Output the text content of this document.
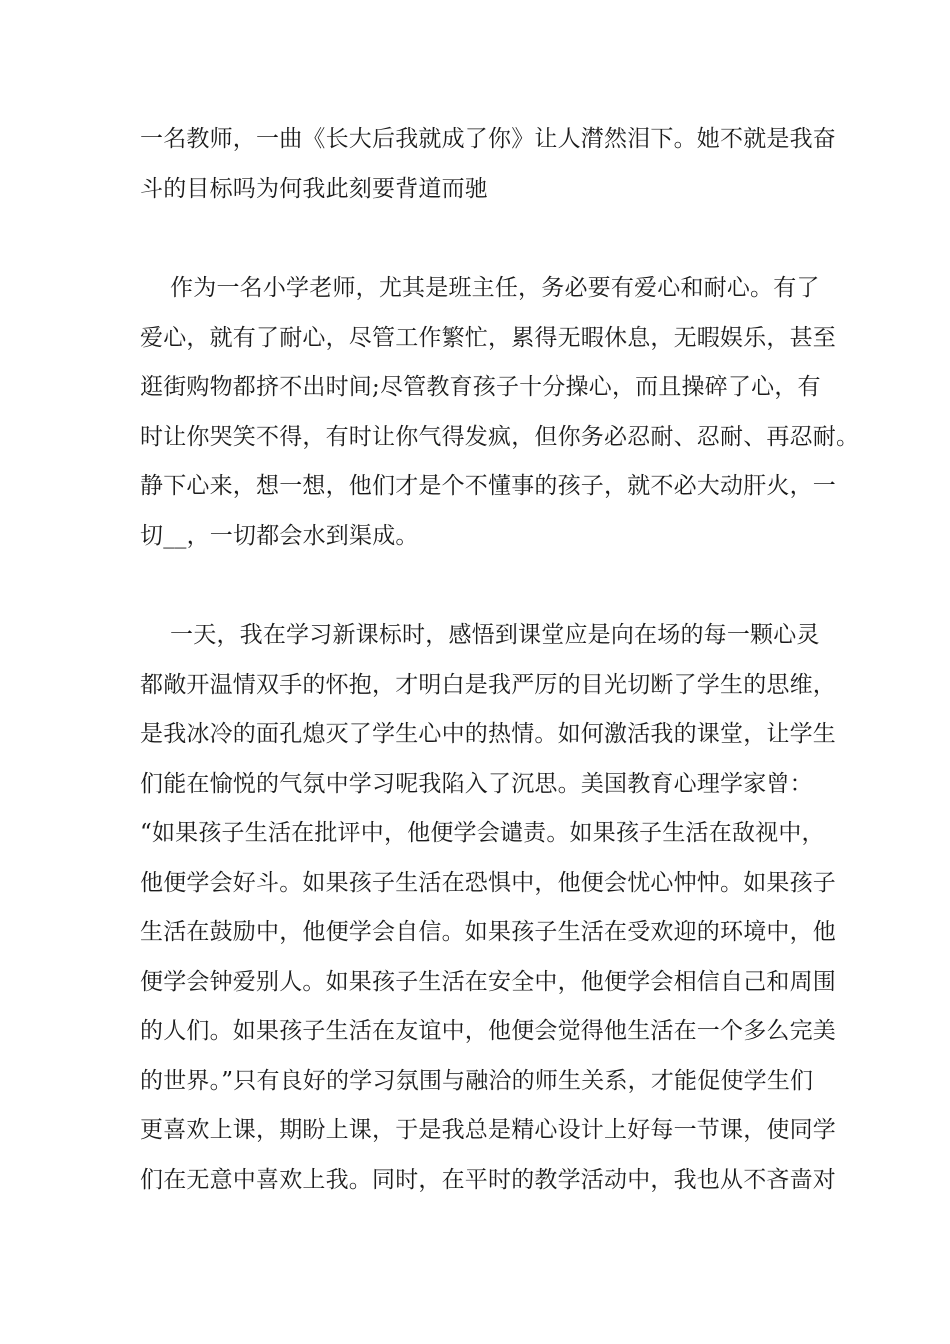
一名教师，一曲《长大后我就成了你》让人潸然泪下。她不就是我奋

斗的目标吗为何我此刻要背道而驰

作为一名小学老师，尤其是班主任，务必要有爱心和耐心。有了

爱心，就有了耐心，尽管工作繁忙，累得无暇休息，无暇娱乐，甚至

逛街购物都挤不出时间;尽管教育孩子十分操心，而且操碎了心，有

时让你哭笑不得，有时让你气得发疯，但你务必忍耐、忍耐、再忍耐。

静下心来，想一想，他们才是个不懂事的孩子，就不必大动肝火，一

切__，一切都会水到渠成。

一天，我在学习新课标时，感悟到课堂应是向在场的每一颗心灵

都敞开温情双手的怀抱，才明白是我严厉的目光切断了学生的思维，

是我冰冷的面孔熄灭了学生心中的热情。如何激活我的课堂，让学生

们能在愉悦的气氛中学习呢我陷入了沉思。美国教育心理学家曾：

“如果孩子生活在批评中，他便学会谴责。如果孩子生活在敌视中，

他便学会好斗。如果孩子生活在恐惧中，他便会忧心忡忡。如果孩子

生活在鼓励中，他便学会自信。如果孩子生活在受欢迎的环境中，他

便学会钟爱别人。如果孩子生活在安全中，他便学会相信自己和周围

的人们。如果孩子生活在友谊中，他便会觉得他生活在一个多么完美

的世界。”只有良好的学习氛围与融洽的师生关系，才能促使学生们

更喜欢上课，期盼上课，于是我总是精心设计上好每一节课，使同学

们在无意中喜欢上我。同时，在平时的教学活动中，我也从不吝啬对
